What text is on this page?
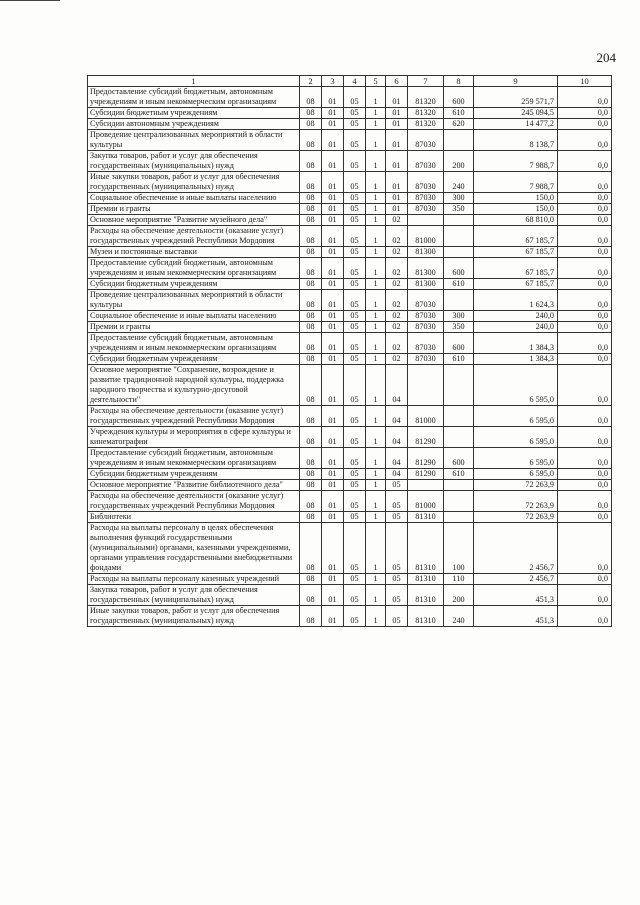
204
1	2	3	4	5	6	7	8	9	10
Предоставление субсидий бюджетным, автономным учреждениям и иным некоммерческим организациям	08	01	05	1	01	81320	600	259 571,7	0,0
Субсидии бюджетным учреждениям	08	01	05	1	01	81320	610	245 094,5	0,0
Субсидии автономным учреждениям	08	01	05	1	01	81320	620	14 477,2	0,0
Проведение централизованных мероприятий в области культуры	08	01	05	1	01	87030		8 138,7	0,0
Закупка товаров, работ и услуг для обеспечения государственных (муниципальных) нужд	08	01	05	1	01	87030	200	7 988,7	0,0
Иные закупки товаров, работ и услуг для обеспечения государственных (муниципальных) нужд	08	01	05	1	01	87030	240	7 988,7	0,0
Социальное обеспечение и иные выплаты населению	08	01	05	1	01	87030	300	150,0	0,0
Премии и гранты	08	01	05	1	01	87030	350	150,0	0,0
Основное мероприятие "Развитие музейного дела"	08	01	05	1	02			68 810,0	0,0
Расходы на обеспечение деятельности (оказание услуг) государственных учреждений Республики Мордовия	08	01	05	1	02	81000		67 185,7	0,0
Музеи и постоянные выставки	08	01	05	1	02	81300		67 185,7	0,0
Предоставление субсидий бюджетным, автономным учреждениям и иным некоммерческим организациям	08	01	05	1	02	81300	600	67 185,7	0,0
Субсидии бюджетным учреждениям	08	01	05	1	02	81300	610	67 185,7	0,0
Проведение централизованных мероприятий в области культуры	08	01	05	1	02	87030		1 624,3	0,0
Социальное обеспечение и иные выплаты населению	08	01	05	1	02	87030	300	240,0	0,0
Премии и гранты	08	01	05	1	02	87030	350	240,0	0,0
Предоставление субсидий бюджетным, автономным учреждениям и иным некоммерческим организациям	08	01	05	1	02	87030	600	1 384,3	0,0
Субсидии бюджетным учреждениям	08	01	05	1	02	87030	610	1 384,3	0,0
Основное мероприятие "Сохранение, возрождение и развитие традиционной народной культуры, поддержка народного творчества и культурно-досуговой деятельности"	08	01	05	1	04			6 595,0	0,0
Расходы на обеспечение деятельности (оказание услуг) государственных учреждений Республики Мордовия	08	01	05	1	04	81000		6 595,0	0,0
Учреждения культуры и мероприятия в сфере культуры и кинематографии	08	01	05	1	04	81290		6 595,0	0,0
Предоставление субсидий бюджетным, автономным учреждениям и иным некоммерческим организациям	08	01	05	1	04	81290	600	6 595,0	0,0
Субсидии бюджетным учреждениям	08	01	05	1	04	81290	610	6 595,0	0,0
Основное мероприятие "Развитие библиотечного дела"	08	01	05	1	05			72 263,9	0,0
Расходы на обеспечение деятельности (оказание услуг) государственных учреждений Республики Мордовия	08	01	05	1	05	81000		72 263,9	0,0
Библиотеки	08	01	05	1	05	81310		72 263,9	0,0
Расходы на выплаты персоналу в целях обеспечения выполнения функций государственными (муниципальными) органами, казенными учреждениями, органами управления государственными внебюджетными фондами	08	01	05	1	05	81310	100	2 456,7	0,0
Расходы на выплаты персоналу казенных учреждений	08	01	05	1	05	81310	110	2 456,7	0,0
Закупка товаров, работ и услуг для обеспечения государственных (муниципальных) нужд	08	01	05	1	05	81310	200	451,3	0,0
Иные закупки товаров, работ и услуг для обеспечения государственных (муниципальных) нужд	08	01	05	1	05	81310	240	451,3	0,0
